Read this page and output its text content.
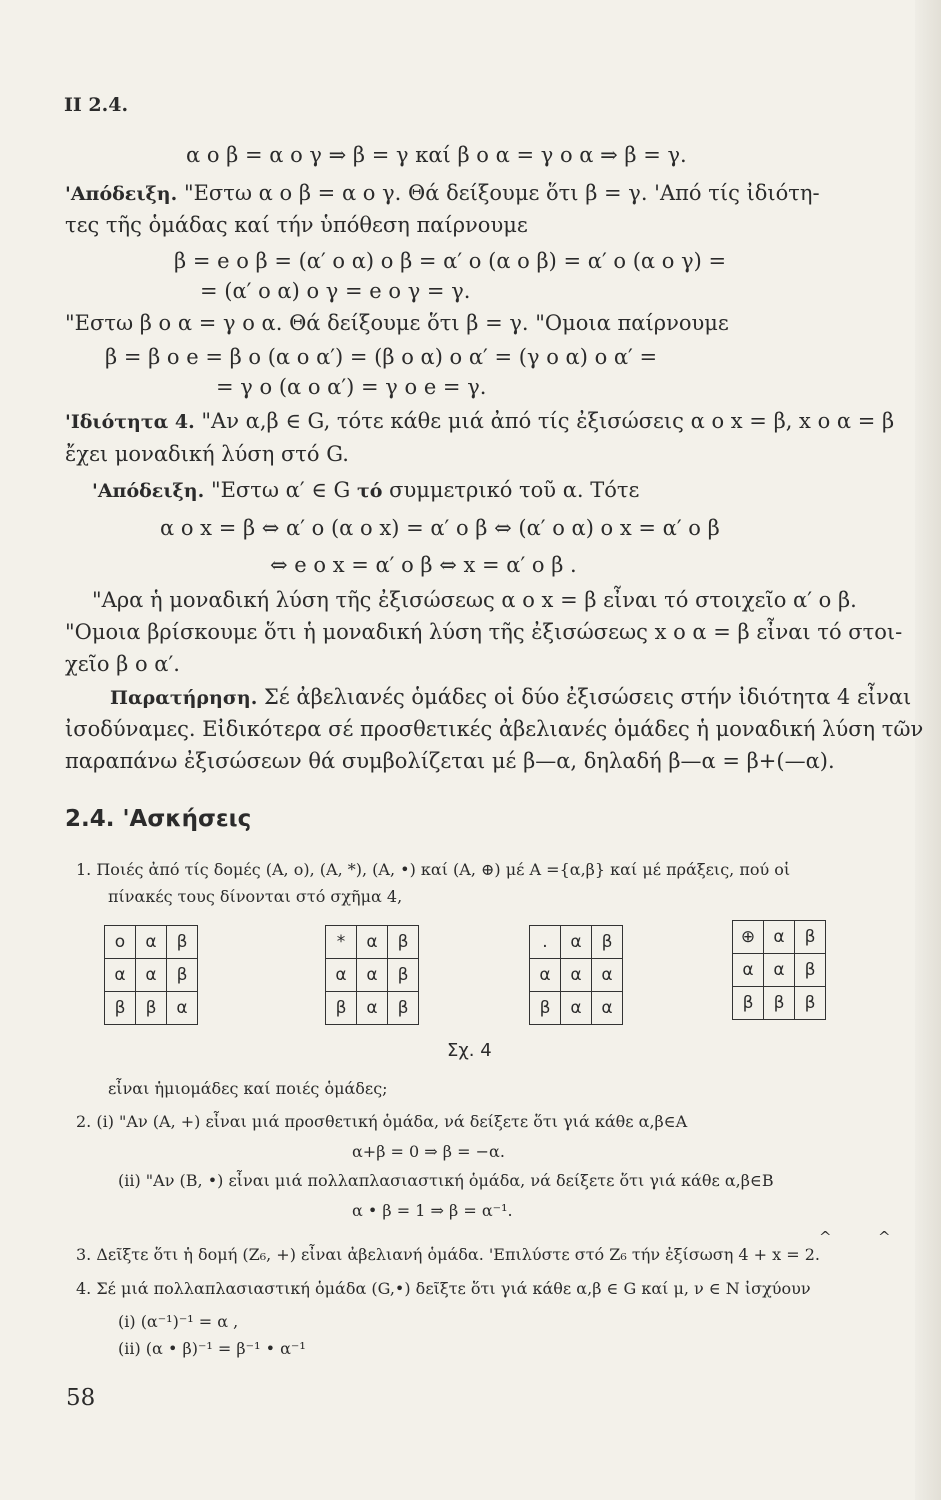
II 2.4.
α ο β = α ο γ ⇒ β = γ καί β ο α = γ ο α ⇒ β = γ.
'Απόδειξη. "Εστω α ο β = α ο γ. Θά δείξουμε ὅτι β = γ. 'Από τίς ἰδιότη-
τες τῆς ὁμάδας καί τήν ὑπόθεση παίρνουμε
β = e ο β = (α′ ο α) ο β = α′ ο (α ο β) = α′ ο (α ο γ) =
= (α′ ο α) ο γ = e ο γ = γ.
"Εστω β ο α = γ ο α. Θά δείξουμε ὅτι β = γ. "Ομοια παίρνουμε
β = β ο e = β ο (α ο α′) = (β ο α) ο α′ = (γ ο α) ο α′ =
= γ ο (α ο α′) = γ ο e = γ.
'Ιδιότητα 4. "Αν α,β ∈ G, τότε κάθε μιά ἀπό τίς ἐξισώσεις α ο x = β, x ο α = β
ἔχει μοναδική λύση στό G.
'Απόδειξη. "Εστω α′ ∈ G τό συμμετρικό τοῦ α. Τότε
α ο x = β ⇔ α′ ο (α ο x) = α′ ο β ⇔ (α′ ο α) ο x = α′ ο β
⇔ e ο x = α′ ο β ⇔ x = α′ ο β .
"Αρα ἡ μοναδική λύση τῆς ἐξισώσεως α ο x = β εἶναι τό στοιχεῖο α′ ο β.
"Ομοια βρίσκουμε ὅτι ἡ μοναδική λύση τῆς ἐξισώσεως x ο α = β εἶναι τό στοι-
χεῖο β ο α′.
Παρατήρηση. Σέ ἀβελιανές ὁμάδες οἱ δύο ἐξισώσεις στήν ἰδιότητα 4 εἶναι
ἰσοδύναμες. Εἰδικότερα σέ προσθετικές ἀβελιανές ὁμάδες ἡ μοναδική λύση τῶν
παραπάνω ἐξισώσεων θά συμβολίζεται μέ β—α, δηλαδή β—α = β+(—α).
2.4. 'Ασκήσεις
1. Ποιές ἀπό τίς δομές (A, o), (A, *), (A, •) καί (A, ⊕) μέ A ={α,β} καί μέ πράξεις, πού οἱ
πίνακές τους δίνονται στό σχῆμα 4,
o	α	β
α	α	β
β	β	α
*	α	β
α	α	β
β	α	β
.	α	β
α	α	α
β	α	α
⊕	α	β
α	α	β
β	β	β
Σχ. 4
εἶναι ἡμιομάδες καί ποιές ὁμάδες;
2. (i) "Αν (A, +) εἶναι μιά προσθετική ὁμάδα, νά δείξετε ὅτι γιά κάθε α,β∈A
α+β = 0 ⇒ β = −α.
(ii) "Αν (B, •) εἶναι μιά πολλαπλασιαστική ὁμάδα, νά δείξετε ὅτι γιά κάθε α,β∈B
α • β = 1 ⇒ β = α⁻¹.
3. Δεῖξτε ὅτι ἡ δομή (Z₆, +) εἶναι ἀβελιανή ὁμάδα. 'Επιλύστε στό Z₆ τήν ἐξίσωση 4 + x = 2.
^	^
4. Σέ μιά πολλαπλασιαστική ὁμάδα (G,•) δεῖξτε ὅτι γιά κάθε α,β ∈ G καί μ, ν ∈ N ἰσχύουν
(i) (α⁻¹)⁻¹ = α ,
(ii) (α • β)⁻¹ = β⁻¹ • α⁻¹
58
